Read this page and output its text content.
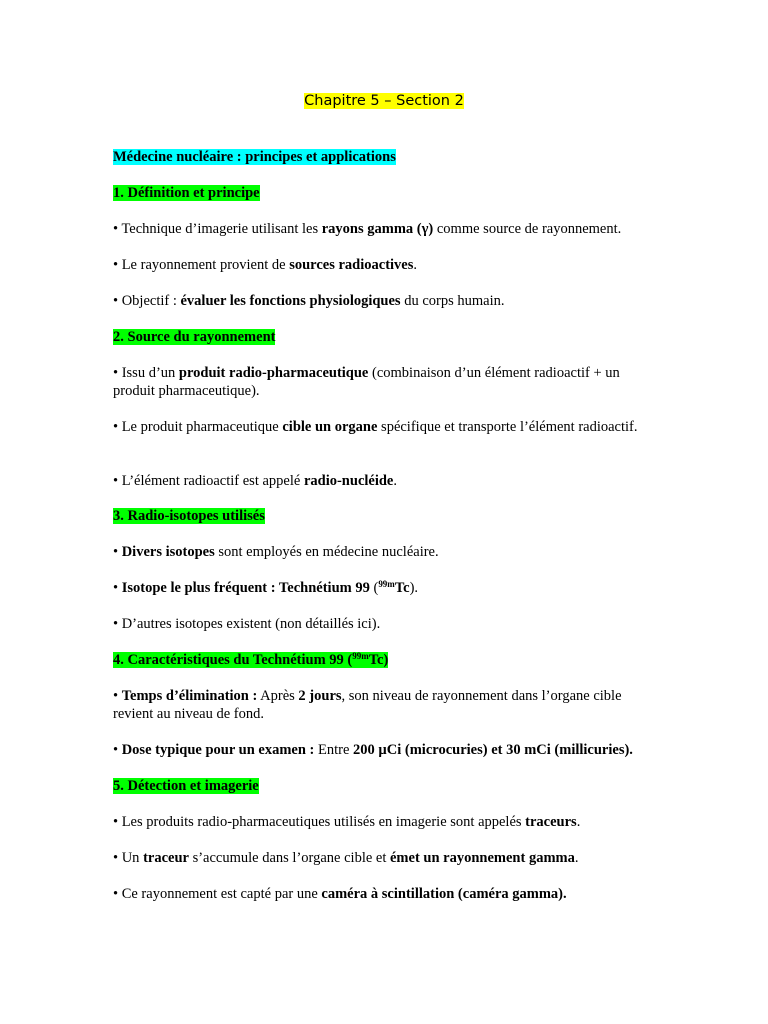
Chapitre 5 – Section 2

Médecine nucléaire : principes et applications

1. Définition et principe

• Technique d’imagerie utilisant les rayons gamma (γ) comme source de rayonnement.

• Le rayonnement provient de sources radioactives.

• Objectif : évaluer les fonctions physiologiques du corps humain.

2. Source du rayonnement

• Issu d’un produit radio-pharmaceutique (combinaison d’un élément radioactif + un produit pharmaceutique).

• Le produit pharmaceutique cible un organe spécifique et transporte l’élément radioactif.

• L’élément radioactif est appelé radio-nucléide.

3. Radio-isotopes utilisés

• Divers isotopes sont employés en médecine nucléaire.

• Isotope le plus fréquent : Technétium 99 ($^{99m}$Tc).

• D’autres isotopes existent (non détaillés ici).

4. Caractéristiques du Technétium 99 ($^{99m}$Tc)

• Temps d’élimination : Après 2 jours, son niveau de rayonnement dans l’organe cible revient au niveau de fond.

• Dose typique pour un examen : Entre 200 µCi (microcuries) et 30 mCi (millicuries).

5. Détection et imagerie

• Les produits radio-pharmaceutiques utilisés en imagerie sont appelés traceurs.

• Un traceur s’accumule dans l’organe cible et émet un rayonnement gamma.

• Ce rayonnement est capté par une caméra à scintillation (caméra gamma).
